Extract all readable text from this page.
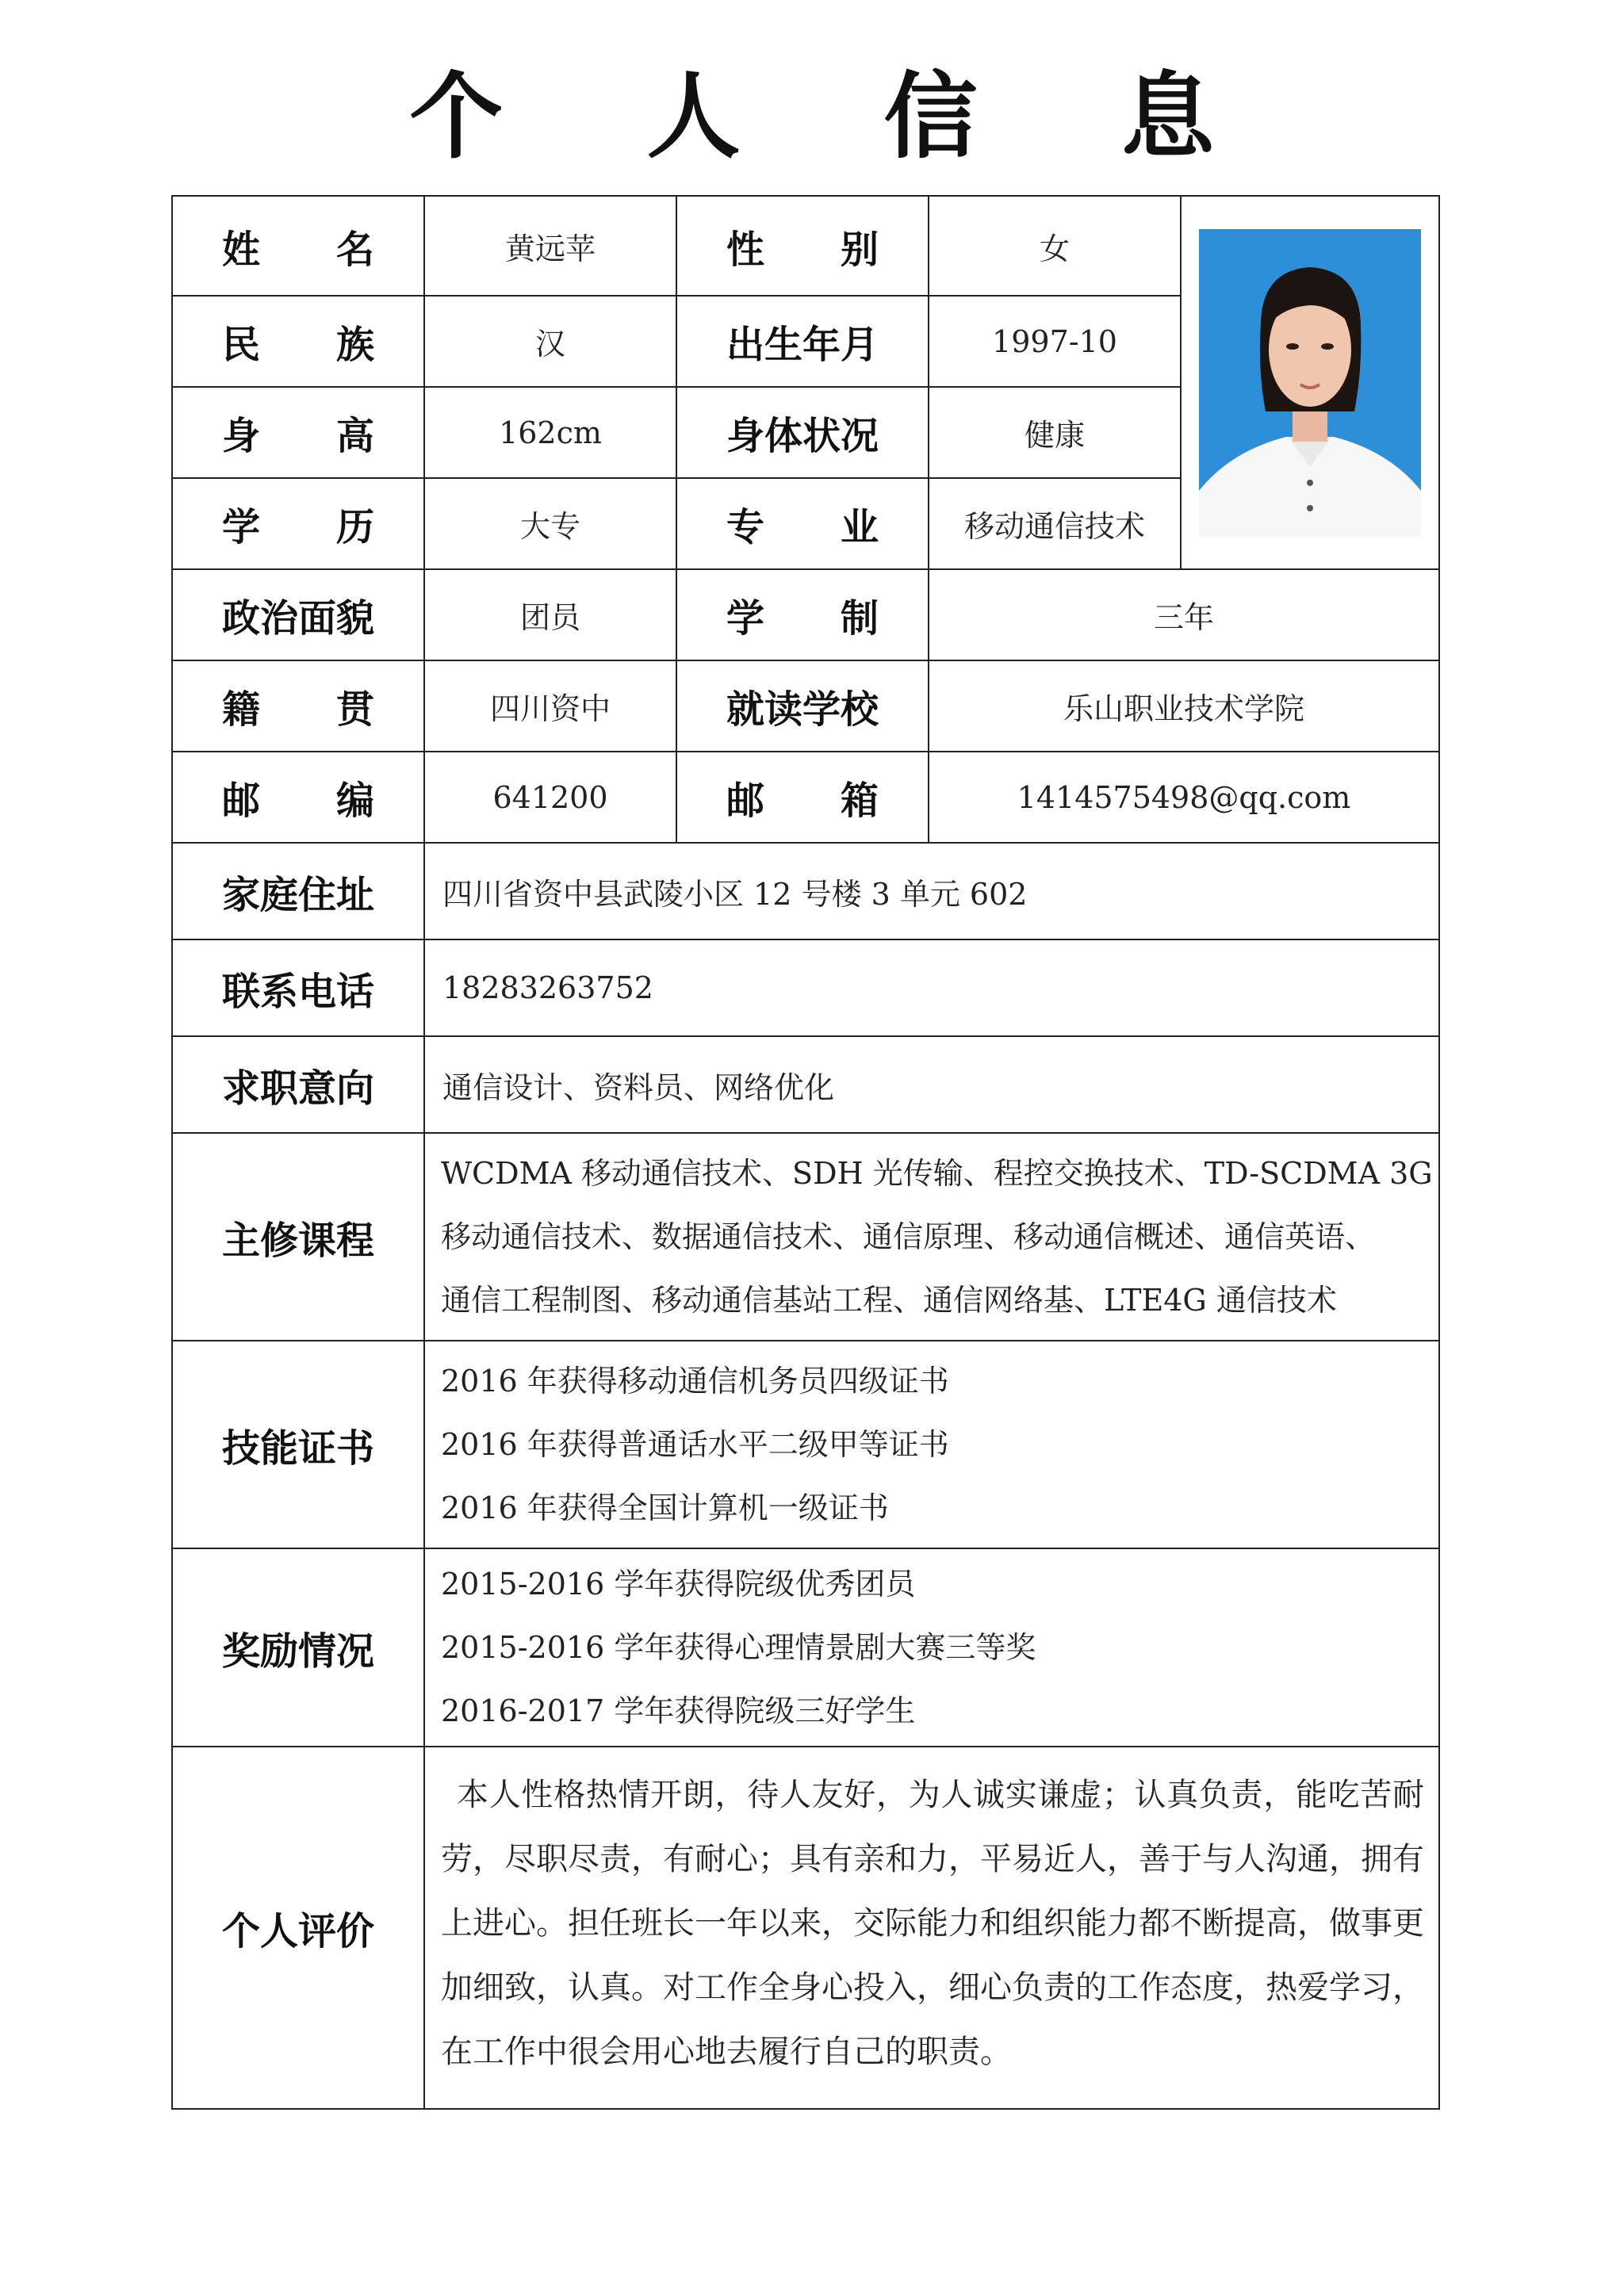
个 人 信 息
姓名	黄远苹	性别	女	

民族	汉	出生年月	1997-10	
身高	162cm	身体状况	健康	
学历	大专	专业	移动通信技术	
政治面貌	团员	学制	三年	
籍贯	四川资中	就读学校	乐山职业技术学院	
邮编	641200	邮箱	1414575498@qq.com	
家庭住址	四川省资中县武陵小区 12 号楼 3 单元 602			
联系电话	18283263752			
求职意向	通信设计、资料员、网络优化			
主修课程	WCDMA 移动通信技术、SDH 光传输、程控交换技术、TD-SCDMA 3G
移动通信技术、数据通信技术、通信原理、移动通信概述、通信英语、
通信工程制图、移动通信基站工程、通信网络基、LTE4G 通信技术			

技能证书	2016 年获得移动通信机务员四级证书
2016 年获得普通话水平二级甲等证书
2016 年获得全国计算机一级证书			

奖励情况	2015-2016 学年获得院级优秀团员
2015-2016 学年获得心理情景剧大赛三等奖
2016-2017 学年获得院级三好学生			

个人评价	本人性格热情开朗，待人友好，为人诚实谦虚；认真负责，能吃苦耐劳，尽职尽责，有耐心；具有亲和力，平易近人，善于与人沟通，拥有上进心。担任班长一年以来，交际能力和组织能力都不断提高，做事更加细致，认真。对工作全身心投入，细心负责的工作态度，热爱学习，在工作中很会用心地去履行自己的职责。			
